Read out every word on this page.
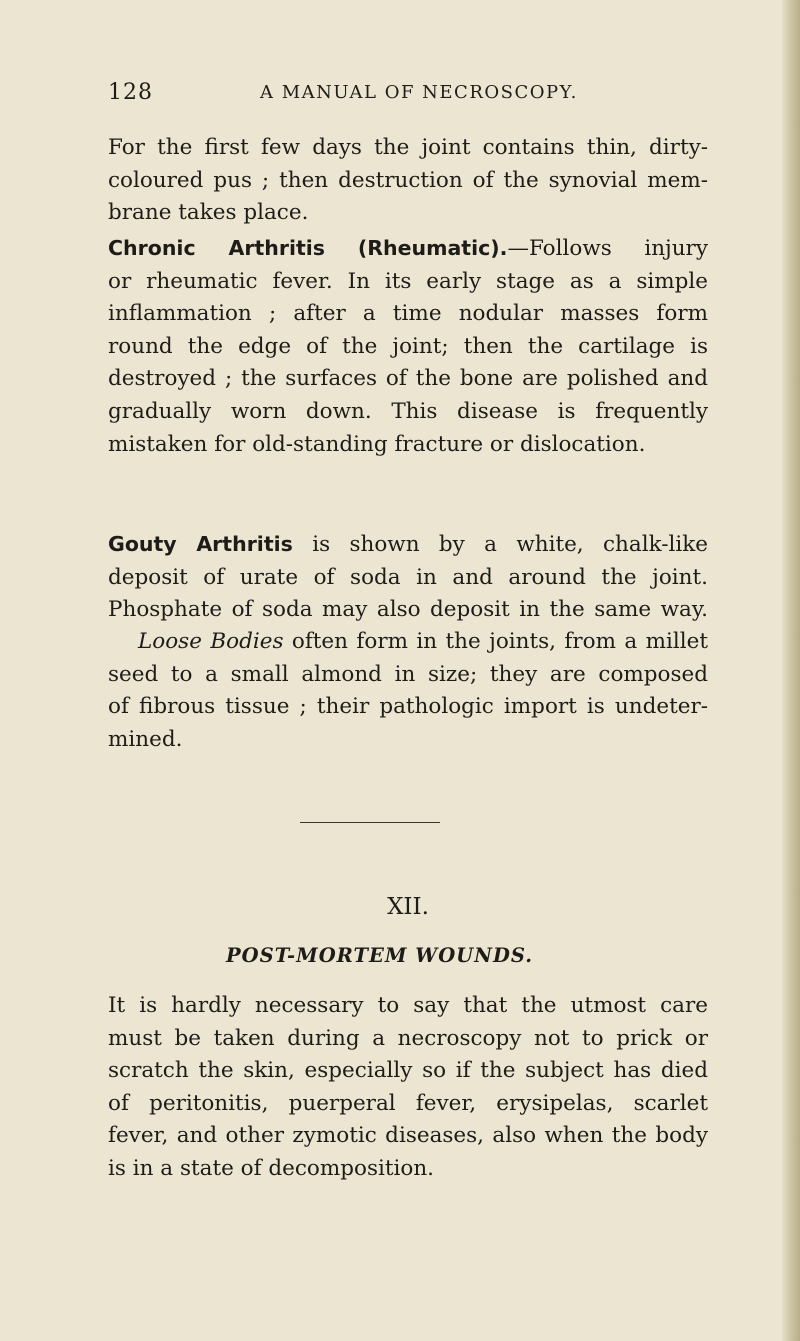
128	A MANUAL OF NECROSCOPY.

For the first few days the joint contains thin, dirty-
coloured pus ; then destruction of the synovial mem-
brane takes place.

Chronic Arthritis (Rheumatic).—Follows injury
or rheumatic fever. In its early stage as a simple
inflammation ; after a time nodular masses form
round the edge of the joint; then the cartilage is
destroyed ; the surfaces of the bone are polished and
gradually worn down. This disease is frequently
mistaken for old-standing fracture or dislocation.

Gouty Arthritis is shown by a white, chalk-like
deposit of urate of soda in and around the joint.
Phosphate of soda may also deposit in the same way.

Loose Bodies often form in the joints, from a millet
seed to a small almond in size; they are composed
of fibrous tissue ; their pathologic import is undeter-
mined.

XII.
POST-MORTEM WOUNDS.

It is hardly necessary to say that the utmost care
must be taken during a necroscopy not to prick or
scratch the skin, especially so if the subject has died
of peritonitis, puerperal fever, erysipelas, scarlet
fever, and other zymotic diseases, also when the body
is in a state of decomposition.
